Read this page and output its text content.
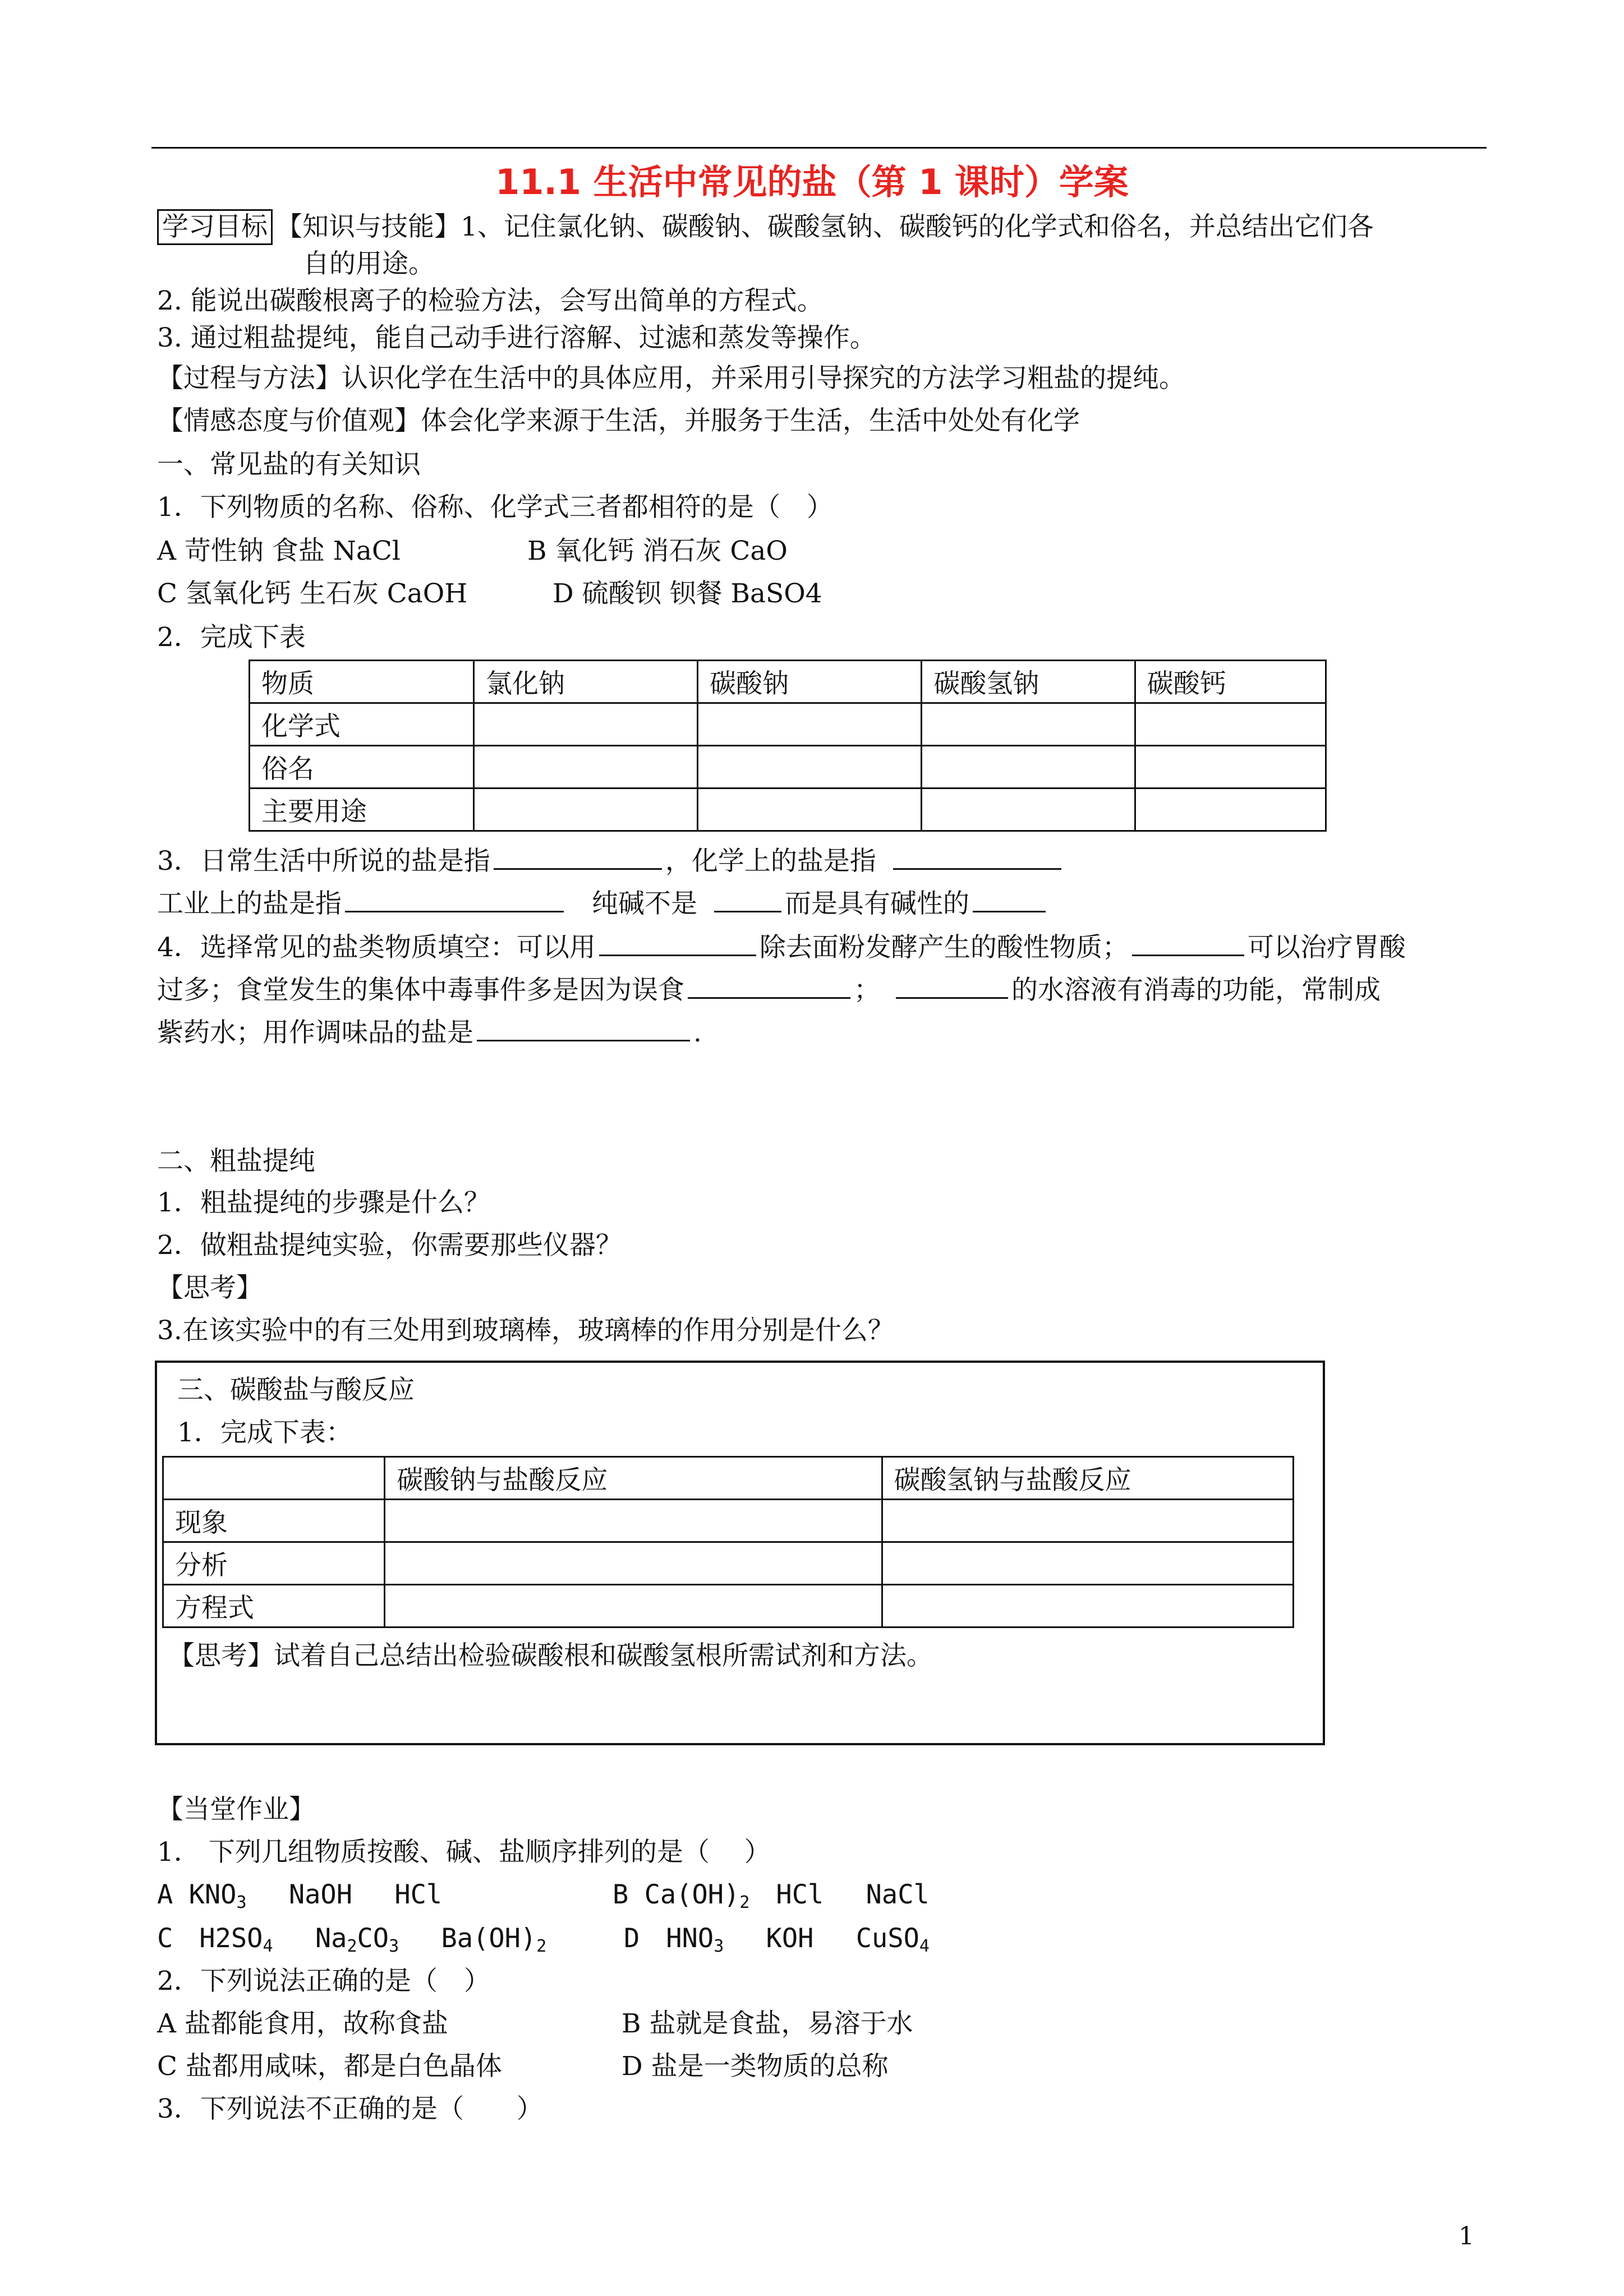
11.1 生活中常见的盐（第 1 课时）学案
学习目标 【知识与技能】1、记住氯化钠、碳酸钠、碳酸氢钠、碳酸钙的化学式和俗名，并总结出它们各
自的用途。
2. 能说出碳酸根离子的检验方法，会写出简单的方程式。
3. 通过粗盐提纯，能自己动手进行溶解、过滤和蒸发等操作。
【过程与方法】认识化学在生活中的具体应用，并采用引导探究的方法学习粗盐的提纯。
【情感态度与价值观】体会化学来源于生活，并服务于生活，生活中处处有化学
一、常见盐的有关知识
1．下列物质的名称、俗称、化学式三者都相符的是（　）
A 苛性钠 食盐 NaCl	B 氧化钙 消石灰 CaO
C 氢氧化钙 生石灰 CaOH	D 硫酸钡 钡餐 BaSO4
2．完成下表
物质	氯化钠	碳酸钠	碳酸氢钠	碳酸钙
化学式				
俗名				
主要用途				
3．日常生活中所说的盐是指	，化学上的盐是指
工业上的盐是指	纯碱不是	而是具有碱性的
4．选择常见的盐类物质填空：可以用	除去面粉发酵产生的酸性物质；	可以治疗胃酸
过多；食堂发生的集体中毒事件多是因为误食	；	的水溶液有消毒的功能，常制成
紫药水；用作调味品的盐是	.
二、粗盐提纯
1．粗盐提纯的步骤是什么？
2．做粗盐提纯实验，你需要那些仪器？
【思考】
3.在该实验中的有三处用到玻璃棒，玻璃棒的作用分别是什么？
三、碳酸盐与酸反应
1．完成下表：
	碳酸钠与盐酸反应	碳酸氢钠与盐酸反应
现象		
分析		
方程式		
【思考】试着自己总结出检验碳酸根和碳酸氢根所需试剂和方法。
【当堂作业】
1． 下列几组物质按酸、碱、盐顺序排列的是（　 ）
A $KNO_3$　 NaOH　 HCl	B $Ca(OH)_2$　HCl　 NaCl
C　$H2SO_4$　 $Na_2CO_3$　 $Ba(OH)_2$	D　$HNO_3$　 KOH　 CuSO$_4$
2．下列说法正确的是（　）
A 盐都能食用，故称食盐	B 盐就是食盐，易溶于水
C 盐都用咸味，都是白色晶体	D 盐是一类物质的总称
3．下列说法不正确的是（　　）
1
